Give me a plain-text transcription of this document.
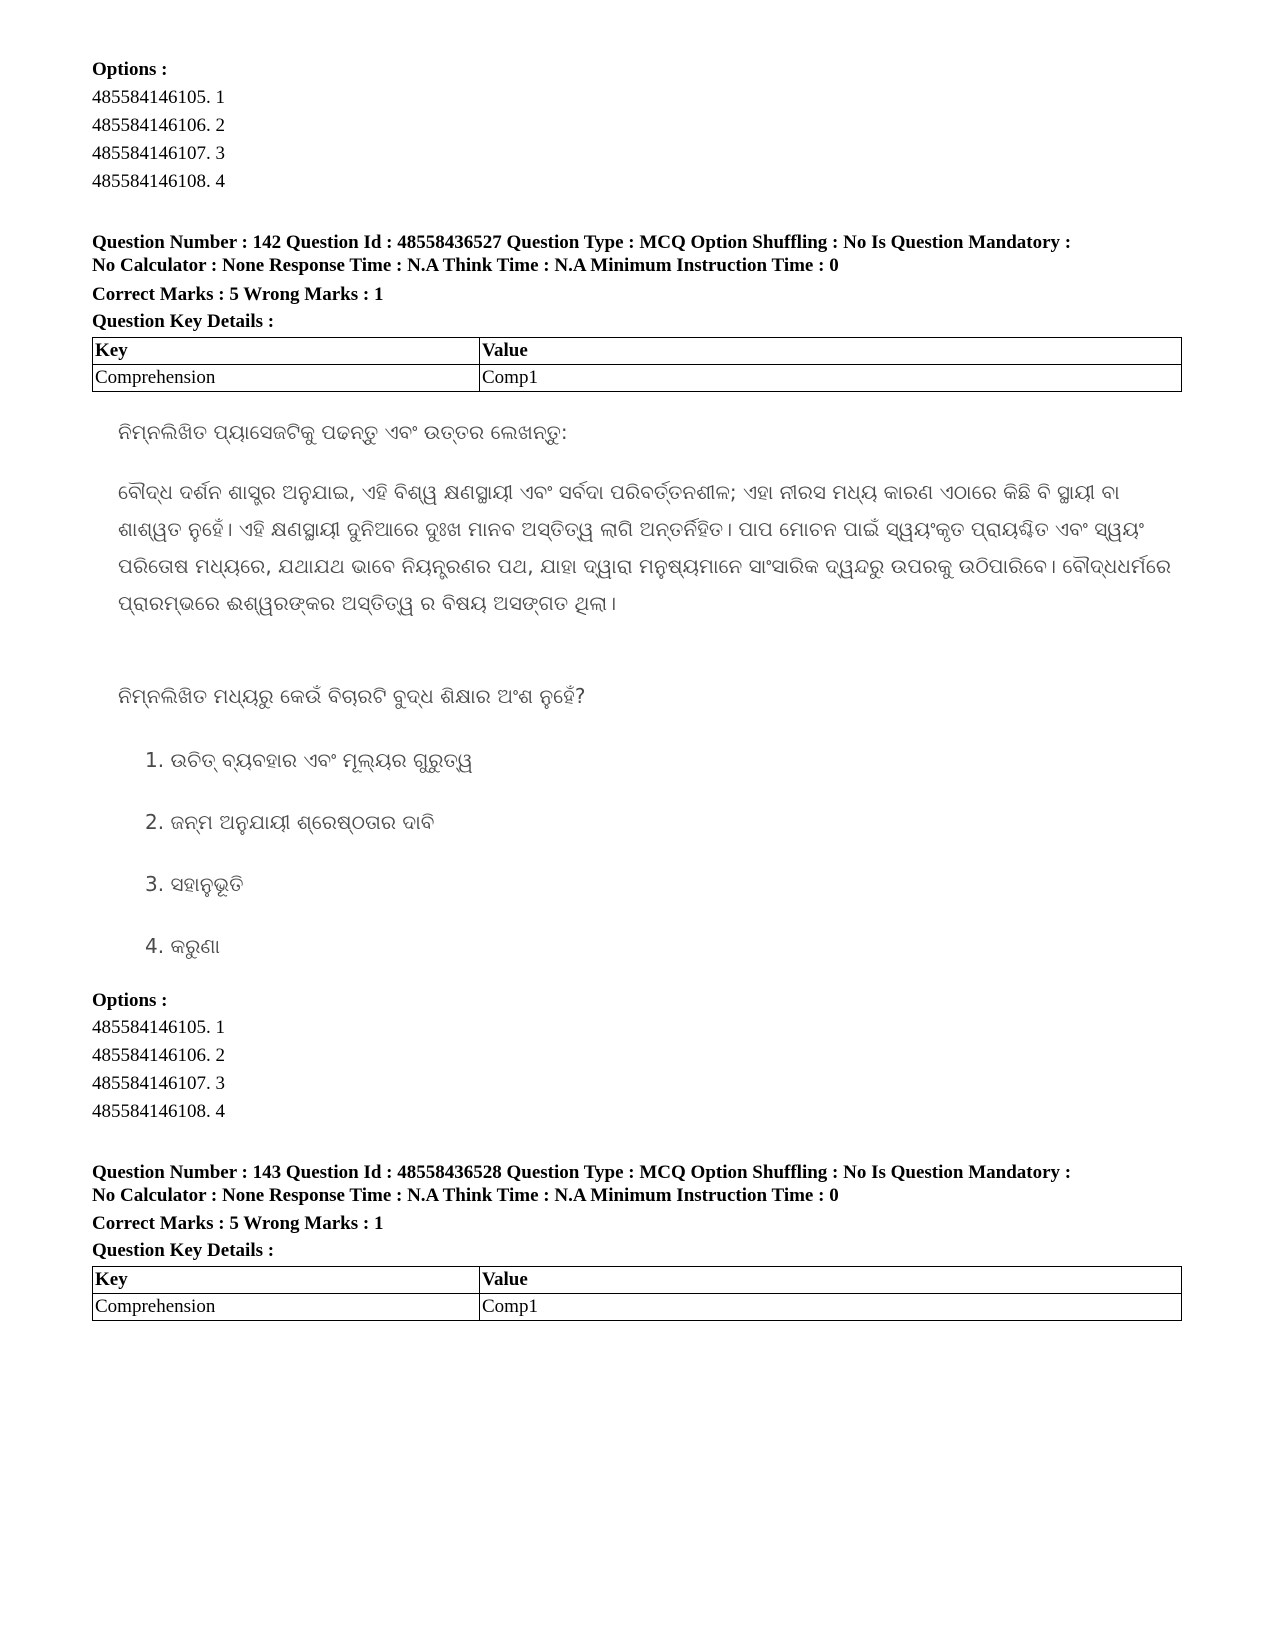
Options :
485584146105. 1
485584146106. 2
485584146107. 3
485584146108. 4
Question Number : 142 Question Id : 48558436527 Question Type : MCQ Option Shuffling : No Is Question Mandatory :
No Calculator : None Response Time : N.A Think Time : N.A Minimum Instruction Time : 0
Correct Marks : 5 Wrong Marks : 1
Question Key Details :
Key	Value
Comprehension	Comp1

ନିମ୍ନଲିଖିତ ପ୍ୟାସେଜଟିକୁ ପଢନ୍ତୁ ଏବଂ ଉତ୍ତର ଲେଖନ୍ତୁ:

ବୌଦ୍ଧ ଦର୍ଶନ ଶାସ୍ତ୍ର ଅନୁଯାଇ, ଏହି ବିଶ୍ୱ କ୍ଷଣସ୍ଥାୟୀ ଏବଂ ସର୍ବଦା ପରିବର୍ତ୍ତନଶୀଳ; ଏହା ନୀରସ ମଧ୍ୟ କାରଣ ଏଠାରେ କିଛି ବି ସ୍ଥାୟୀ ବା ଶାଶ୍ୱତ ନୁହେଁ। ଏହି କ୍ଷଣସ୍ଥାୟୀ ଦୁନିଆରେ ଦୁଃଖ ମାନବ ଅସ୍ତିତ୍ୱ ଲାଗି ଅନ୍ତର୍ନିହିତ। ପାପ ମୋଚନ ପାଇଁ ସ୍ୱୟଂକୃତ ପ୍ରାୟଶ୍ଚିତ ଏବଂ ସ୍ୱୟଂ ପରିତୋଷ ମଧ୍ୟରେ, ଯଥାଯଥ ଭାବେ ନିୟନ୍ତ୍ରଣର ପଥ, ଯାହା ଦ୍ୱାରା ମନୁଷ୍ୟମାନେ ସାଂସାରିକ ଦ୍ୱନ୍ଦରୁ ଉପରକୁ ଉଠିପାରିବେ। ବୌଦ୍ଧଧର୍ମରେ ପ୍ରାରମ୍ଭରେ ଈଶ୍ୱରଙ୍କର ଅସ୍ତିତ୍ୱ ର ବିଷୟ ଅସଙ୍ଗତ ଥିଲା।

ନିମ୍ନଲିଖିତ ମଧ୍ୟରୁ କେଉଁ ବିଚାରଟି ବୁଦ୍ଧ ଶିକ୍ଷାର ଅଂଶ ନୁହେଁ?

1. ଉଚିତ୍ ବ୍ୟବହାର ଏବଂ ମୂଲ୍ୟର ଗୁରୁତ୍ୱ
2. ଜନ୍ମ ଅନୁଯାୟୀ ଶ୍ରେଷ୍ଠତାର ଦାବି
3. ସହାନୁଭୂତି
4. କରୁଣା
Options :
485584146105. 1
485584146106. 2
485584146107. 3
485584146108. 4
Question Number : 143 Question Id : 48558436528 Question Type : MCQ Option Shuffling : No Is Question Mandatory :
No Calculator : None Response Time : N.A Think Time : N.A Minimum Instruction Time : 0
Correct Marks : 5 Wrong Marks : 1
Question Key Details :
Key	Value
Comprehension	Comp1
